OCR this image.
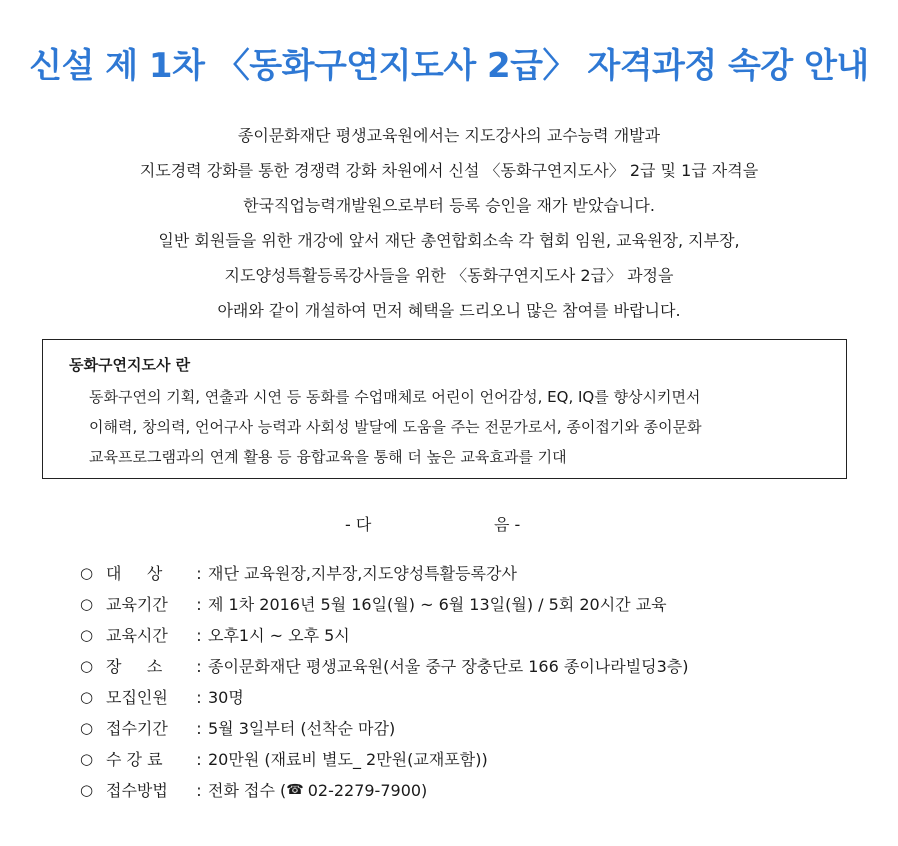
신설 제 1차 〈동화구연지도사 2급〉 자격과정 속강 안내
종이문화재단 평생교육원에서는 지도강사의 교수능력 개발과
지도경력 강화를 통한 경쟁력 강화 차원에서 신설 〈동화구연지도사〉 2급 및 1급 자격을
한국직업능력개발원으로부터 등록 승인을 재가 받았습니다.
일반 회원들을 위한 개강에 앞서 재단 총연합회소속 각 협회 임원, 교육원장, 지부장,
지도양성특활등록강사들을 위한 〈동화구연지도사 2급〉 과정을
아래와 같이 개설하여 먼저 혜택을 드리오니 많은 참여를 바랍니다.
동화구연지도사 란
동화구연의 기획, 연출과 시연 등 동화를 수업매체로 어린이 언어감성, EQ, IQ를 향상시키면서
이해력, 창의력, 언어구사 능력과 사회성 발달에 도움을 주는 전문가로서, 종이접기와 종이문화
교육프로그램과의 연계 활용 등 융합교육을 통해 더 높은 교육효과를 기대
- 다	음 -
○ 대     상	: 재단 교육원장,지부장,지도양성특활등록강사
○ 교육기간	: 제 1차 2016년 5월 16일(월) ~ 6월 13일(월) / 5회 20시간 교육
○ 교육시간	: 오후1시 ~ 오후 5시
○ 장     소	: 종이문화재단 평생교육원(서울 중구 장충단로 166 종이나라빌딩3층)
○ 모집인원	: 30명
○ 접수기간	: 5월 3일부터 (선착순 마감)
○ 수 강 료	: 20만원 (재료비 별도_ 2만원(교재포함))
○ 접수방법	: 전화 접수 ( ☎ 02-2279-7900)
